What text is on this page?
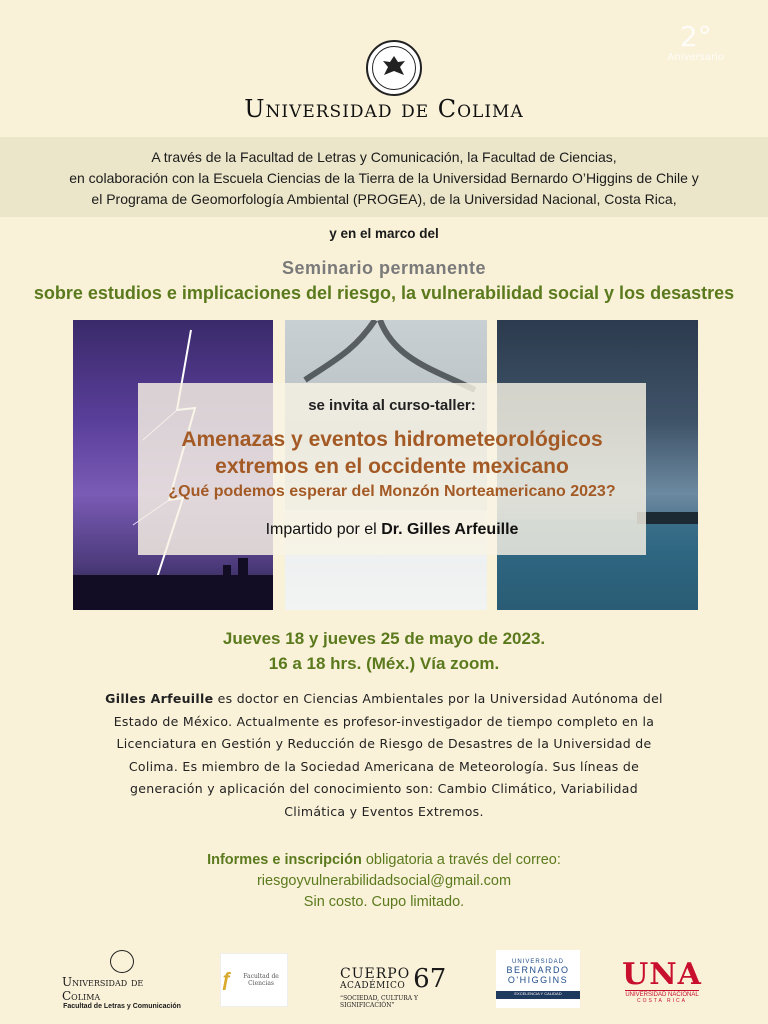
2°
Aniversario
Universidad de Colima
A través de la Facultad de Letras y Comunicación, la Facultad de Ciencias,
en colaboración con la Escuela Ciencias de la Tierra de la Universidad Bernardo O’Higgins de Chile y
el Programa de Geomorfología Ambiental (PROGEA), de la Universidad Nacional, Costa Rica,
y en el marco del
Seminario permanente
sobre estudios e implicaciones del riesgo, la vulnerabilidad social y los desastres
se invita al curso-taller:
Amenazas y eventos hidrometeorológicos
extremos en el occidente mexicano
¿Qué podemos esperar del Monzón Norteamericano 2023?
Impartido por el Dr. Gilles Arfeuille
Jueves 18 y jueves 25 de mayo de 2023.
16 a 18 hrs. (Méx.) Vía zoom.
Gilles Arfeuille es doctor en Ciencias Ambientales por la Universidad Autónoma del Estado de México. Actualmente es profesor-investigador de tiempo completo en la Licenciatura en Gestión y Reducción de Riesgo de Desastres de la Universidad de Colima. Es miembro de la Sociedad Americana de Meteorología. Sus líneas de generación y aplicación del conocimiento son: Cambio Climático, Variabilidad Climática y Eventos Extremos.
Informes e inscripción obligatoria a través del correo:
riesgoyvulnerabilidadsocial@gmail.com
Sin costo. Cupo limitado.
Universidad de Colima
Facultad de Letras y Comunicación
ƒ	Facultad de Ciencias
CUERPO
ACADÉMICO 67
“SOCIEDAD, CULTURA Y SIGNIFICACIÓN”
UNIVERSIDAD
BERNARDO
O'HIGGINS
EXCELENCIA Y CALIDAD
UNA
UNIVERSIDAD NACIONAL
COSTA RICA
